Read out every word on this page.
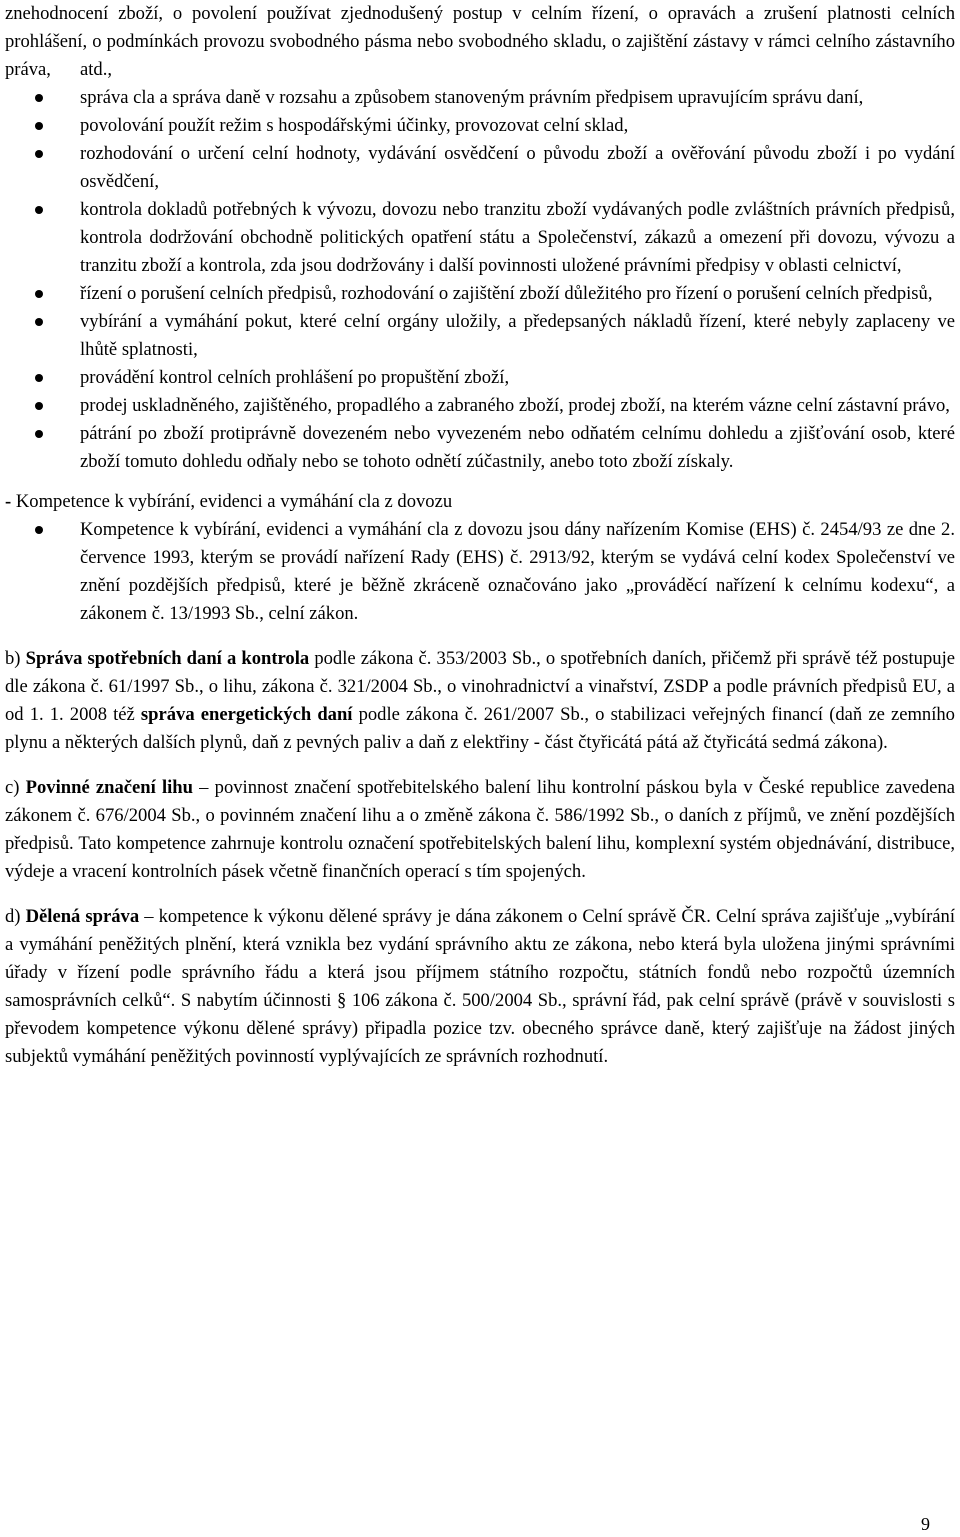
znehodnocení zboží, o povolení používat zjednodušený postup v celním řízení, o opravách a zrušení platnosti celních prohlášení, o podmínkách provozu svobodného pásma nebo svobodného skladu, o zajištění zástavy v rámci celního zástavního práva,	atd.,
správa cla a správa daně v rozsahu a způsobem stanoveným právním předpisem upravujícím správu daní,
povolování použít režim s hospodářskými účinky, provozovat celní sklad,
rozhodování o určení celní hodnoty, vydávání osvědčení o původu zboží a ověřování původu zboží i po vydání osvědčení,
kontrola dokladů potřebných k vývozu, dovozu nebo tranzitu zboží vydávaných podle zvláštních právních předpisů, kontrola dodržování obchodně politických opatření státu a Společenství, zákazů a omezení při dovozu, vývozu a tranzitu zboží a kontrola, zda jsou dodržovány i další povinnosti uložené právními předpisy v oblasti celnictví,
řízení o porušení celních předpisů, rozhodování o zajištění zboží důležitého pro řízení o porušení celních předpisů,
vybírání a vymáhání pokut, které celní orgány uložily, a předepsaných nákladů řízení, které nebyly zaplaceny ve lhůtě splatnosti,
provádění kontrol celních prohlášení po propuštění zboží,
prodej uskladněného, zajištěného, propadlého a zabraného zboží, prodej zboží, na kterém vázne celní zástavní právo,
pátrání po zboží protiprávně dovezeném nebo vyvezeném nebo odňatém celnímu dohledu a zjišťování osob, které zboží tomuto dohledu odňaly nebo se tohoto odnětí zúčastnily, anebo toto zboží získaly.

- Kompetence k vybírání, evidenci a vymáhání cla z dovozu

Kompetence k vybírání, evidenci a vymáhání cla z dovozu jsou dány nařízením Komise (EHS) č. 2454/93 ze dne 2. července 1993, kterým se provádí nařízení Rady (EHS) č. 2913/92, kterým se vydává celní kodex Společenství ve znění pozdějších předpisů, které je běžně zkráceně označováno jako „prováděcí nařízení k celnímu kodexu“, a zákonem č. 13/1993 Sb., celní zákon.

b) Správa spotřebních daní a kontrola podle zákona č. 353/2003 Sb., o spotřebních daních, přičemž při správě též postupuje dle zákona č. 61/1997 Sb., o lihu, zákona č. 321/2004 Sb., o vinohradnictví a vinařství, ZSDP a podle právních předpisů EU, a od 1. 1. 2008 též správa energetických daní podle zákona č. 261/2007 Sb., o stabilizaci veřejných financí (daň ze zemního plynu a některých dalších plynů, daň z pevných paliv a daň z elektřiny - část čtyřicátá pátá až čtyřicátá sedmá zákona).

c) Povinné značení lihu – povinnost značení spotřebitelského balení lihu kontrolní páskou byla v České republice zavedena zákonem č. 676/2004 Sb., o povinném značení lihu a o změně zákona č. 586/1992 Sb., o daních z příjmů, ve znění pozdějších předpisů. Tato kompetence zahrnuje kontrolu označení spotřebitelských balení lihu, komplexní systém objednávání, distribuce, výdeje a vracení kontrolních pásek včetně finančních operací s tím spojených.

d) Dělená správa – kompetence k výkonu dělené správy je dána zákonem o Celní správě ČR. Celní správa zajišťuje „vybírání a vymáhání peněžitých plnění, která vznikla bez vydání správního aktu ze zákona, nebo která byla uložena jinými správními úřady v řízení podle správního řádu a která jsou příjmem státního rozpočtu, státních fondů nebo rozpočtů územních samosprávních celků“. S nabytím účinnosti § 106 zákona č. 500/2004 Sb., správní řád, pak celní správě (právě v souvislosti s převodem kompetence výkonu dělené správy) připadla pozice tzv. obecného správce daně, který zajišťuje na žádost jiných subjektů vymáhání peněžitých povinností vyplývajících ze správních rozhodnutí.

9
